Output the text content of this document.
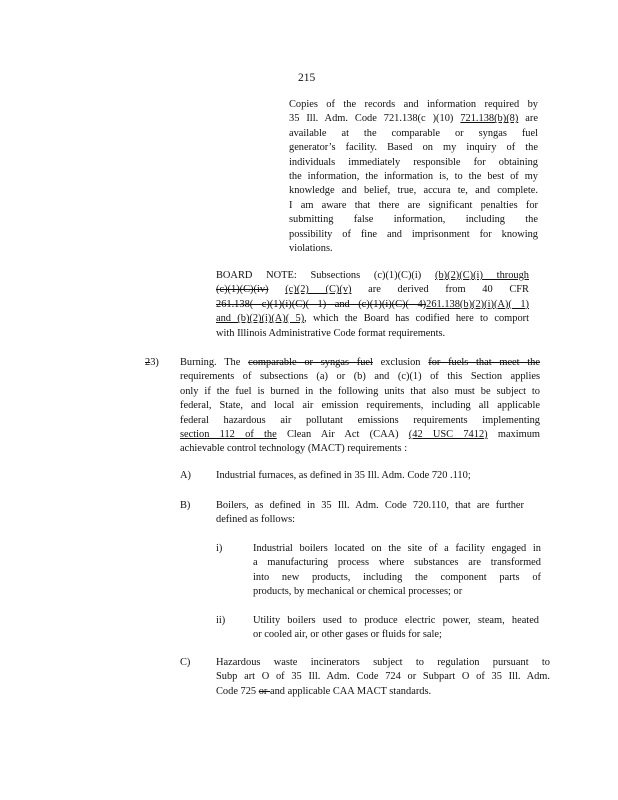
215
Copies of the records and information required by
35 Ill. Adm. Code 721.138(c )(10) 721.138(b)(8) are
available at the comparable or syngas fuel
generator’s facility. Based on my inquiry of the
individuals immediately responsible for obtaining
the information, the information is, to the best of my
knowledge and belief, true, accura te, and complete.
I am aware that there are significant penalties for
submitting false information, including the
possibility of fine and imprisonment for knowing
violations.
BOARD NOTE: Subsections (c)(1)(C)(i) (b)(2)(C)(i) through
(c)(1)(C)(iv) (c)(2) (C)(v) are derived from 40 CFR
261.138( c)(1)(i)(C)( 1) and (c)(1)(i)(C)( 4)261.138(b)(2)(i)(A)( 1)
and (b)(2)(i)(A)( 5), which the Board has codified here to comport
with Illinois Administrative Code format requirements.
23) Burning. The comparable or syngas fuel exclusion for fuels that meet the
requirements of subsections (a) or (b) and (c)(1) of this Section applies
only if the fuel is burned in the following units that also must be subject to
federal, State, and local air emission requirements, including all applicable
federal hazardous air pollutant emissions requirements implementing
section 112 of the Clean Air Act (CAA) (42 USC 7412) maximum
achievable control technology (MACT) requirements :
A) Industrial furnaces, as defined in 35 Ill. Adm. Code 720 .110;
B) Boilers, as defined in 35 Ill. Adm. Code 720.110, that are further
defined as follows:
i)	Industrial boilers located on the site of a facility engaged in
a manufacturing process where substances are transformed
into new products, including the component parts of
products, by mechanical or chemical processes; or
ii)	Utility boilers used to produce electric power, steam, heated
or cooled air, or other gases or fluids for sale;
C) Hazardous waste incinerators subject to regulation pursuant to
Subp art O of 35 Ill. Adm. Code 724 or Subpart O of 35 Ill. Adm.
Code 725 or and applicable CAA MACT standards.
